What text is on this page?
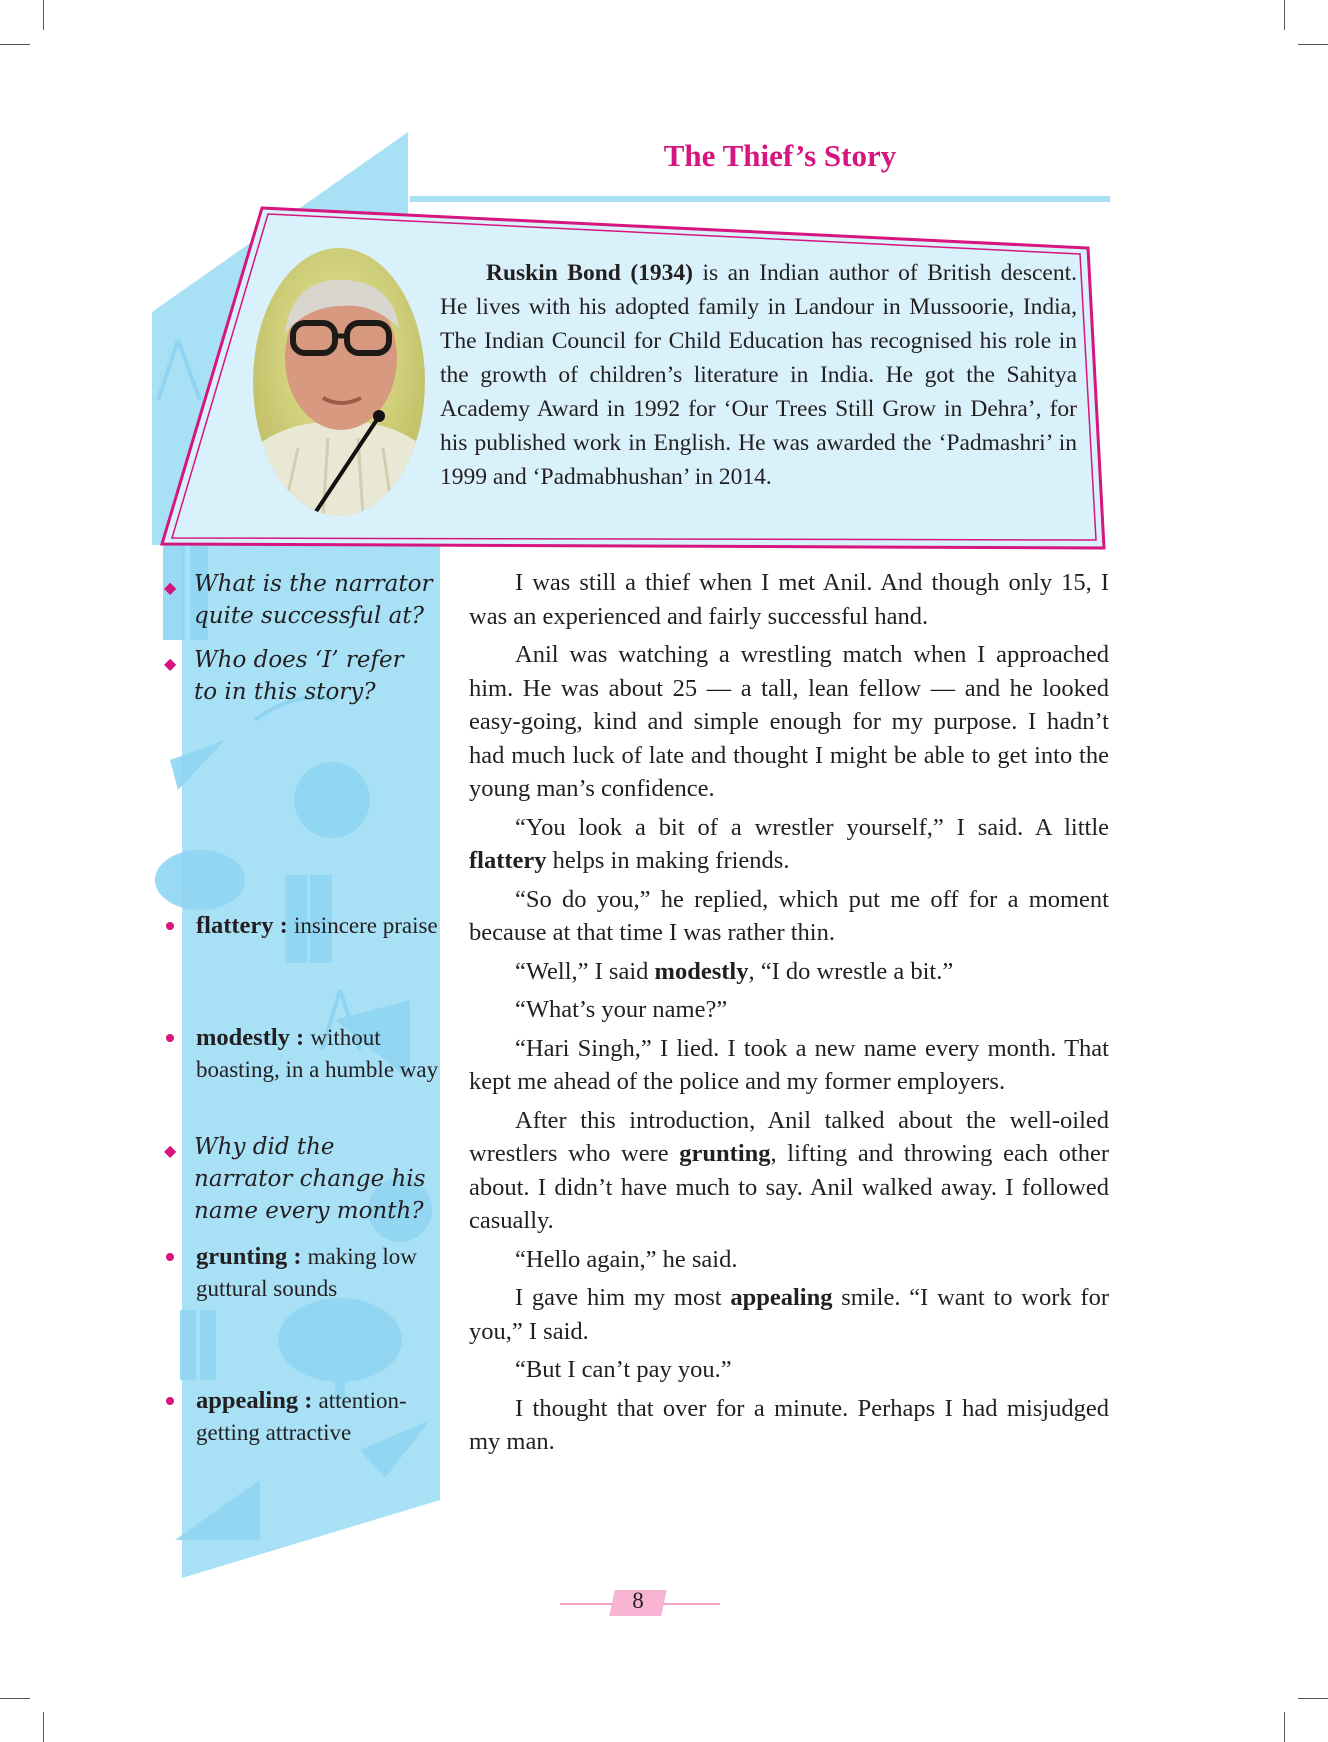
The Thief’s Story

Ruskin Bond (1934) is an Indian author of British descent. He lives with his adopted family in Landour in Mussoorie, India, The Indian Council for Child Education has recognised his role in the growth of children’s literature in India. He got the Sahitya Academy Award in 1992 for ‘Our Trees Still Grow in Dehra’, for his published work in English. He was awarded the ‘Padmashri’ in 1999 and ‘Padmabhushan’ in 2014.

◆ What is the narrator quite successful at?
◆ Who does ‘I’ refer to in this story?
flattery : insincere praise
modestly : without boasting, in a humble way
◆ Why did the narrator change his name every month?
grunting : making low guttural sounds
appealing : attention-getting attractive

I was still a thief when I met Anil. And though only 15, I was an experienced and fairly successful hand.

Anil was watching a wrestling match when I approached him. He was about 25 — a tall, lean fellow — and he looked easy-going, kind and simple enough for my purpose. I hadn’t had much luck of late and thought I might be able to get into the young man’s confidence.

“You look a bit of a wrestler yourself,” I said. A little flattery helps in making friends.

“So do you,” he replied, which put me off for a moment because at that time I was rather thin.

“Well,” I said modestly, “I do wrestle a bit.”

“What’s your name?”

“Hari Singh,” I lied. I took a new name every month. That kept me ahead of the police and my former employers.

After this introduction, Anil talked about the well-oiled wrestlers who were grunting, lifting and throwing each other about. I didn’t have much to say. Anil walked away. I followed casually.

“Hello again,” he said.

I gave him my most appealing smile. “I want to work for you,” I said.

“But I can’t pay you.”

I thought that over for a minute. Perhaps I had misjudged my man.

8
